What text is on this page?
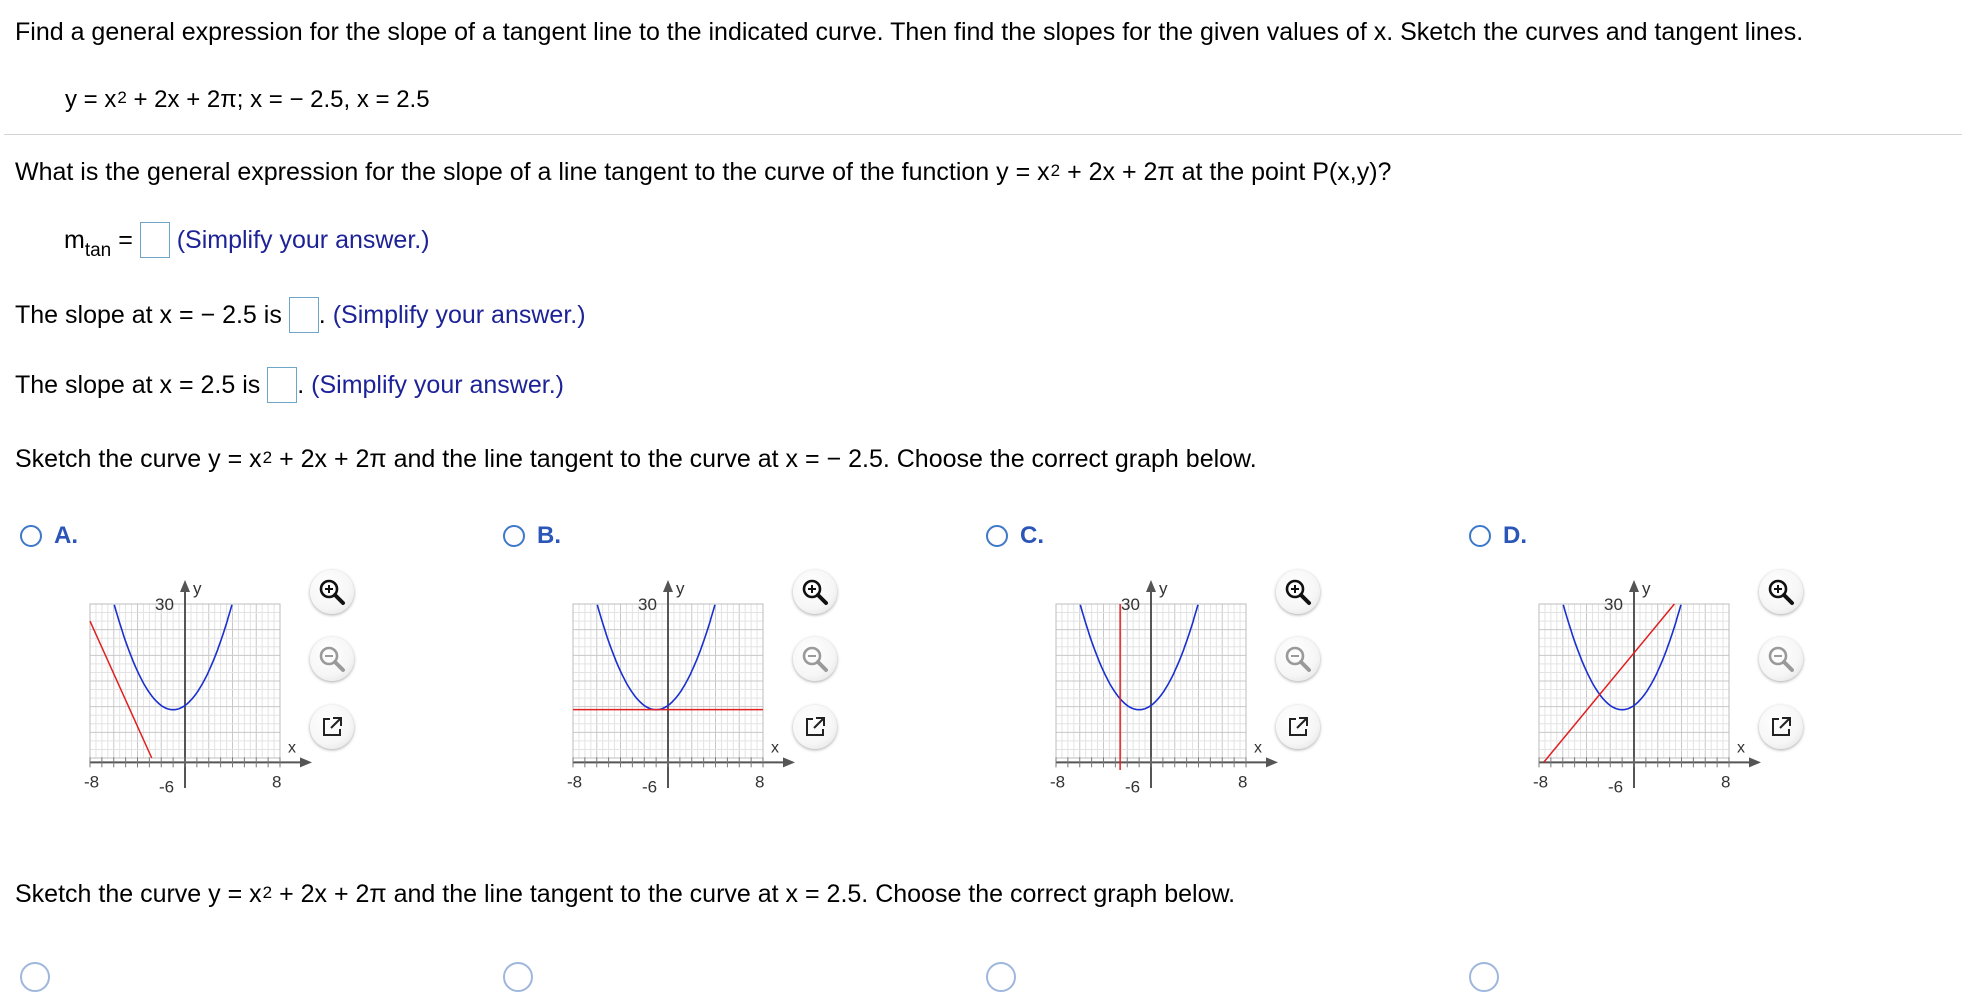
Find a general expression for the slope of a tangent line to the indicated curve. Then find the slopes for the given values of x. Sketch the curves and tangent lines.
$y = x^2 + 2x + 2\pi$; x = − 2.5, x = 2.5
What is the general expression for the slope of a line tangent to the curve of the function $y = x^2 + 2x + 2\pi$ at the point P(x,y)?
$m_{tan}$ =  (Simplify your answer.)
The slope at x = − 2.5 is . (Simplify your answer.)
The slope at x = 2.5 is . (Simplify your answer.)
Sketch the curve $y = x^2 + 2x + 2\pi$ and the line tangent to the curve at x = − 2.5. Choose the correct graph below.
A.
y
x
30
-8	-6	8
B.
y
x
30
-8	-6	8
C.
y
x
30
-8	-6	8
D.
y
x
30
-8	-6	8
Sketch the curve $y = x^2 + 2x + 2\pi$ and the line tangent to the curve at x = 2.5. Choose the correct graph below.
